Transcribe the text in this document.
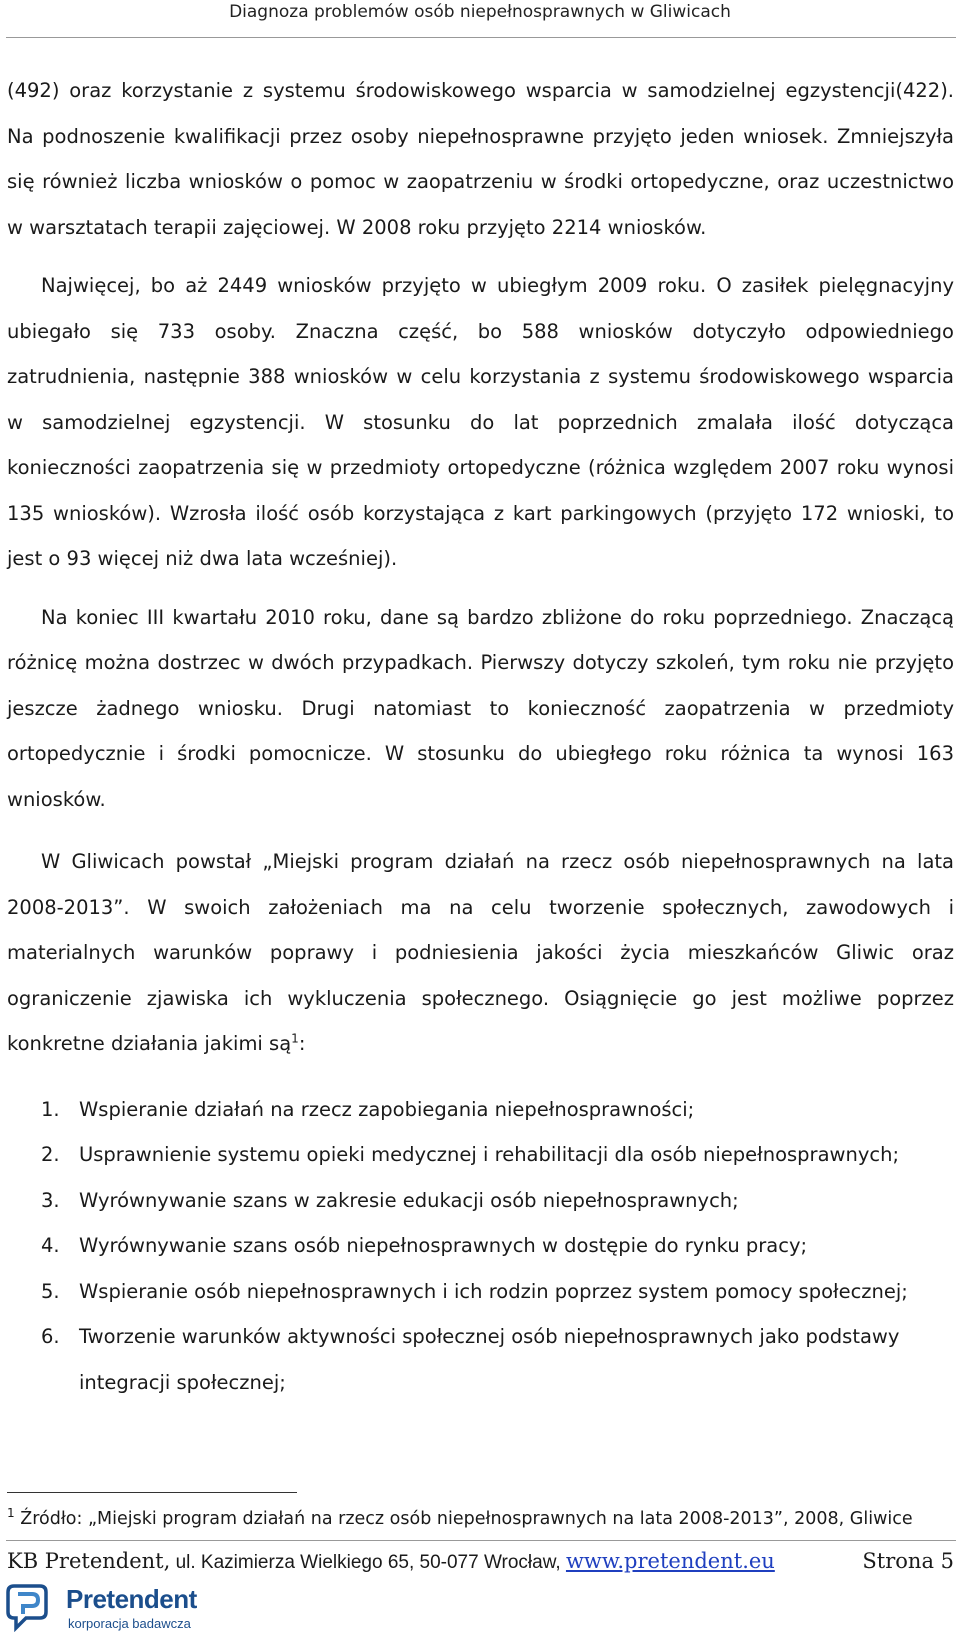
Diagnoza problemów osób niepełnosprawnych w Gliwicach

(492) oraz korzystanie z systemu środowiskowego wsparcia w samodzielnej egzystencji(422). Na podnoszenie kwalifikacji przez osoby niepełnosprawne przyjęto jeden wniosek. Zmniejszyła się również liczba wniosków o pomoc w zaopatrzeniu w środki ortopedyczne, oraz uczestnictwo w warsztatach terapii zajęciowej. W 2008 roku przyjęto 2214 wniosków.

Najwięcej, bo aż 2449 wniosków przyjęto w ubiegłym 2009 roku. O zasiłek pielęgnacyjny ubiegało się 733 osoby. Znaczna część, bo 588 wniosków dotyczyło odpowiedniego zatrudnienia, następnie 388 wniosków w celu korzystania z systemu środowiskowego wsparcia w samodzielnej egzystencji. W stosunku do lat poprzednich zmalała ilość dotycząca konieczności zaopatrzenia się w przedmioty ortopedyczne (różnica względem 2007 roku wynosi 135 wniosków). Wzrosła ilość osób korzystająca z kart parkingowych (przyjęto 172 wnioski, to jest o 93 więcej niż dwa lata wcześniej).

Na koniec III kwartału 2010 roku, dane są bardzo zbliżone do roku poprzedniego. Znaczącą różnicę można dostrzec w dwóch przypadkach. Pierwszy dotyczy szkoleń, tym roku nie przyjęto jeszcze żadnego wniosku. Drugi natomiast to konieczność zaopatrzenia w przedmioty ortopedycznie i środki pomocnicze. W stosunku do ubiegłego roku różnica ta wynosi 163 wniosków.

W Gliwicach powstał „Miejski program działań na rzecz osób niepełnosprawnych na lata 2008-2013”. W swoich założeniach ma na celu tworzenie społecznych, zawodowych i materialnych warunków poprawy i podniesienia jakości życia mieszkańców Gliwic oraz ograniczenie zjawiska ich wykluczenia społecznego. Osiągnięcie go jest możliwe poprzez konkretne działania jakimi $są^1$:

1. Wspieranie działań na rzecz zapobiegania niepełnosprawności;
2. Usprawnienie systemu opieki medycznej i rehabilitacji dla osób niepełnosprawnych;
3. Wyrównywanie szans w zakresie edukacji osób niepełnosprawnych;
4. Wyrównywanie szans osób niepełnosprawnych w dostępie do rynku pracy;
5. Wspieranie osób niepełnosprawnych i ich rodzin poprzez system pomocy społecznej;
6. Tworzenie warunków aktywności społecznej osób niepełnosprawnych jako podstawy integracji społecznej;
$^1$ Źródło: „Miejski program działań na rzecz osób niepełnosprawnych na lata 2008-2013”, 2008, Gliwice
KB Pretendent, ul. Kazimierza Wielkiego 65, 50-077 Wrocław, www.pretendent.eu	Strona 5
Pretendent
korporacja badawcza
